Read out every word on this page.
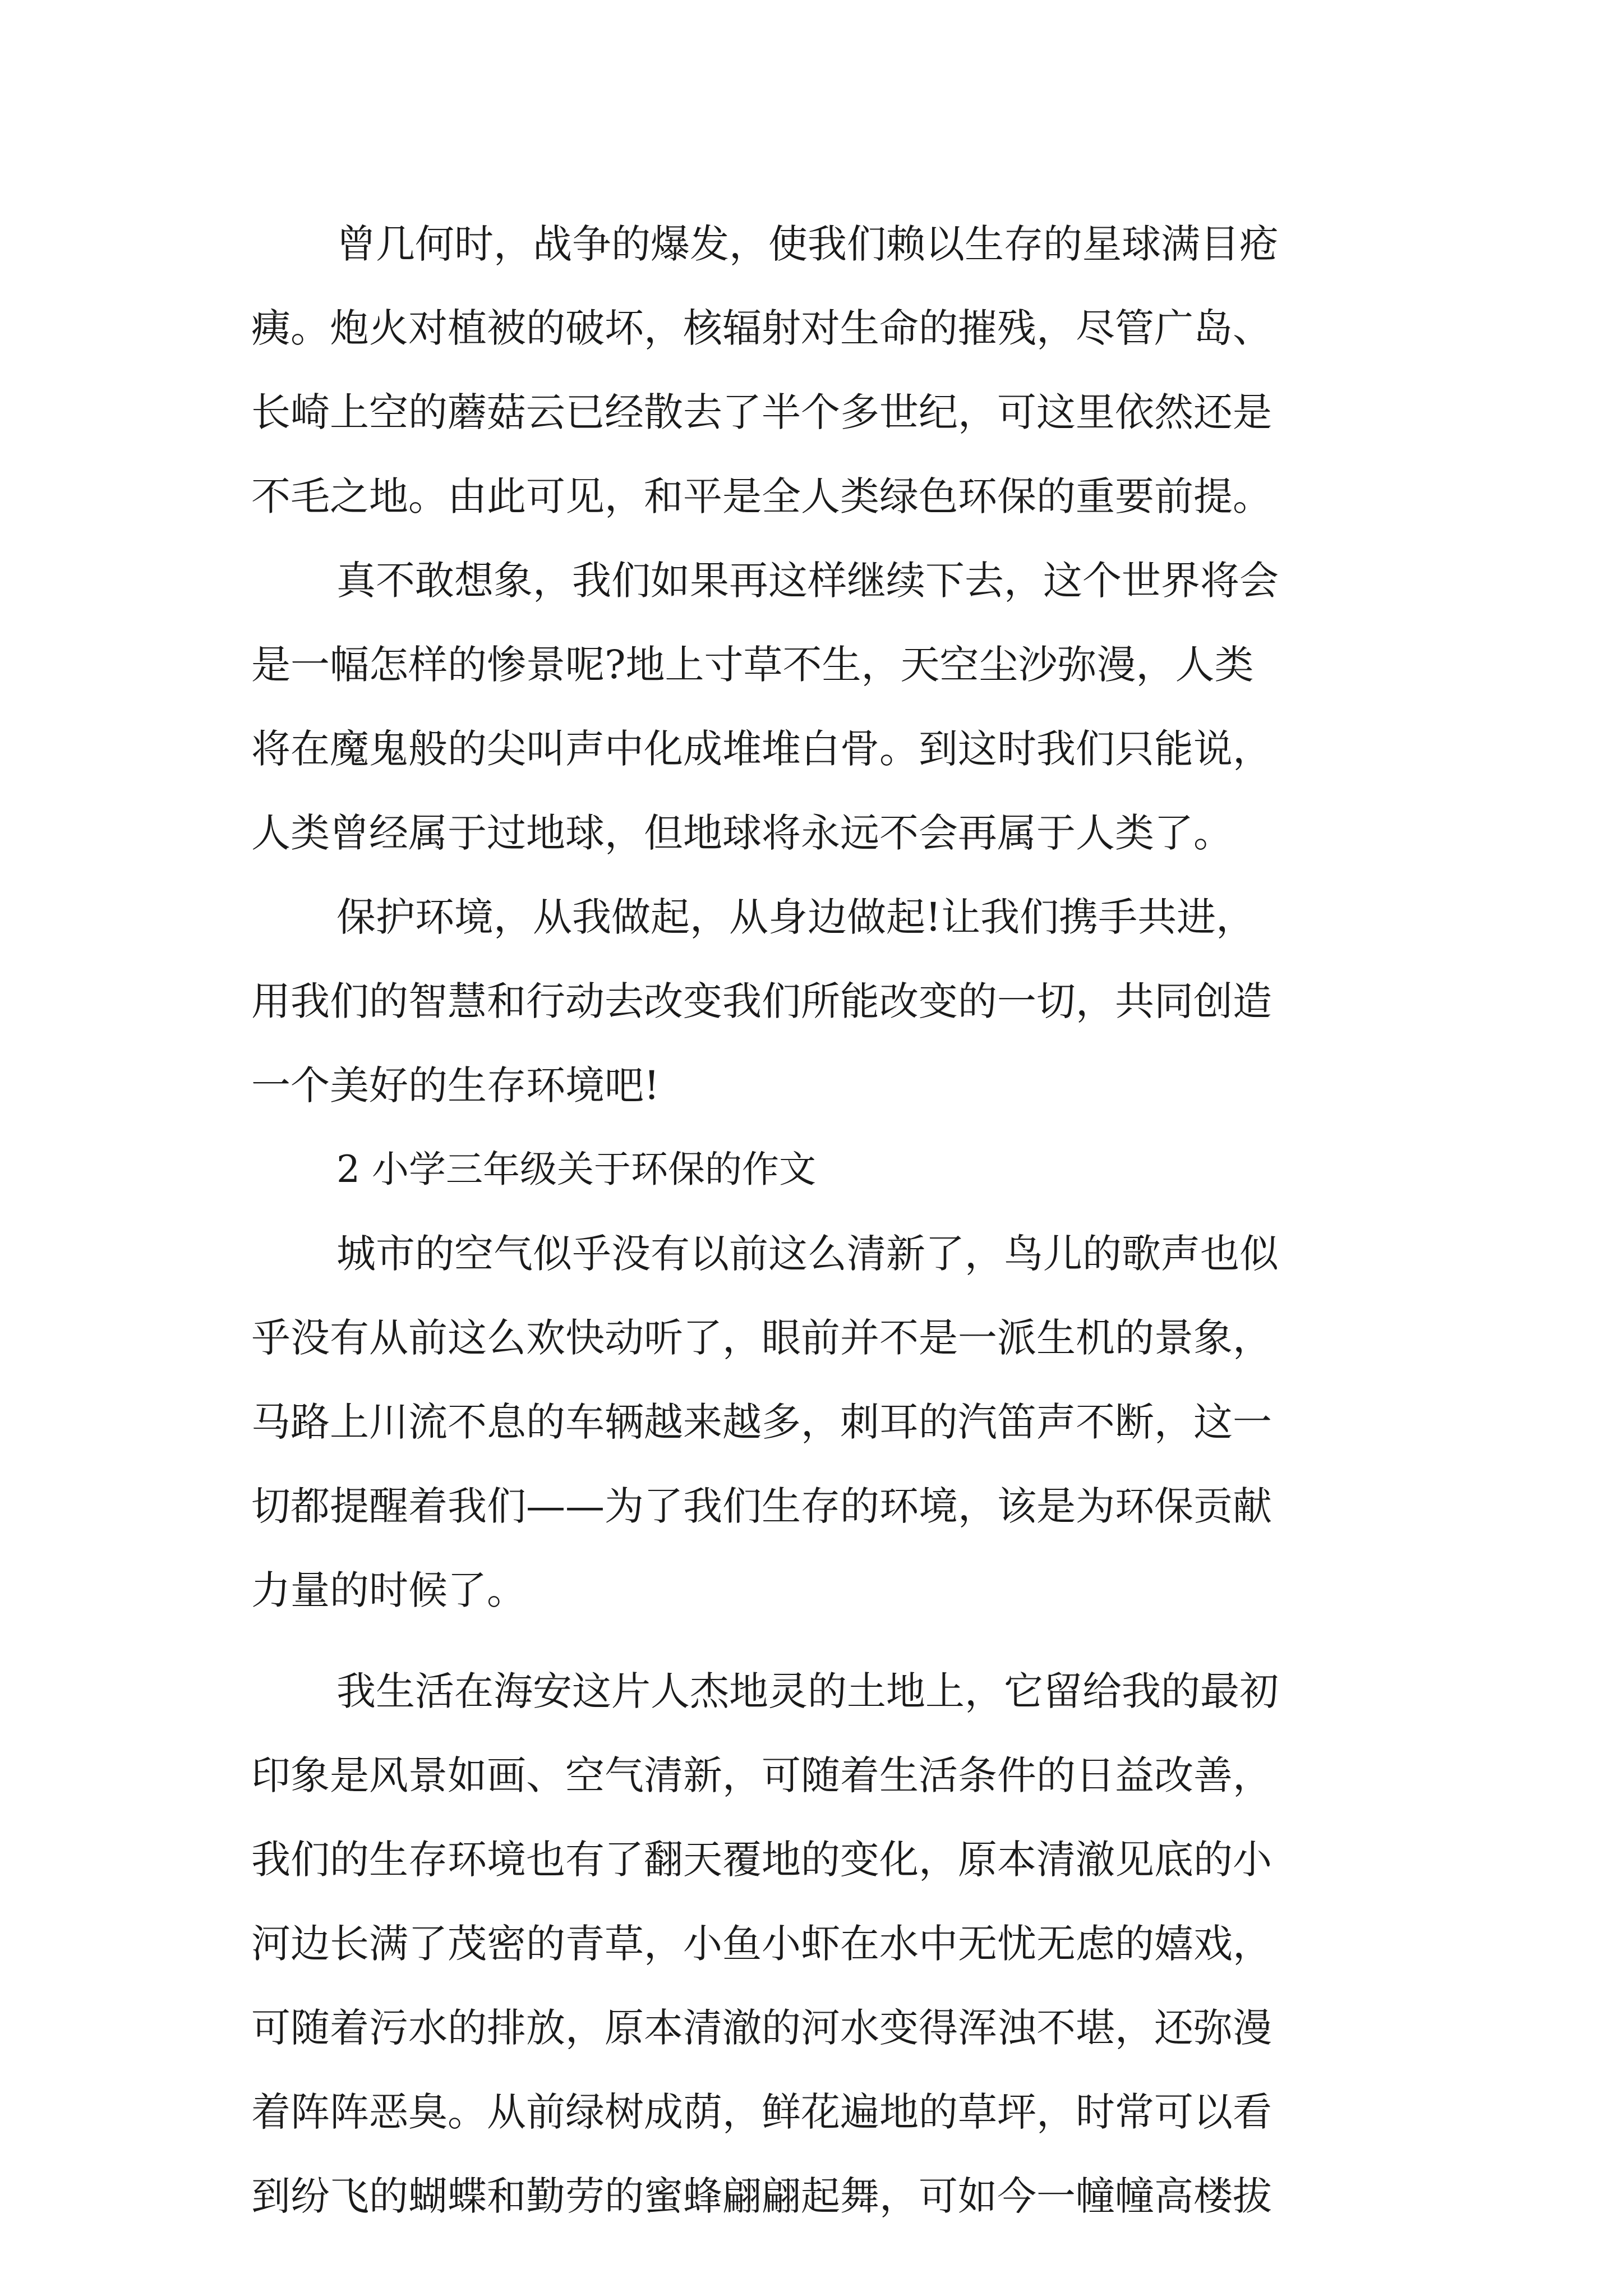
曾几何时，战争的爆发，使我们赖以生存的星球满目疮

痍。炮火对植被的破坏，核辐射对生命的摧残，尽管广岛、

长崎上空的蘑菇云已经散去了半个多世纪，可这里依然还是

不毛之地。由此可见，和平是全人类绿色环保的重要前提。

真不敢想象，我们如果再这样继续下去，这个世界将会

是一幅怎样的惨景呢?地上寸草不生，天空尘沙弥漫，人类

将在魔鬼般的尖叫声中化成堆堆白骨。到这时我们只能说，

人类曾经属于过地球，但地球将永远不会再属于人类了。

保护环境，从我做起，从身边做起!让我们携手共进，

用我们的智慧和行动去改变我们所能改变的一切，共同创造

一个美好的生存环境吧!

2 小学三年级关于环保的作文

城市的空气似乎没有以前这么清新了，鸟儿的歌声也似

乎没有从前这么欢快动听了，眼前并不是一派生机的景象，

马路上川流不息的车辆越来越多，刺耳的汽笛声不断，这一

切都提醒着我们——为了我们生存的环境，该是为环保贡献

力量的时候了。

我生活在海安这片人杰地灵的土地上，它留给我的最初

印象是风景如画、空气清新，可随着生活条件的日益改善，

我们的生存环境也有了翻天覆地的变化，原本清澈见底的小

河边长满了茂密的青草，小鱼小虾在水中无忧无虑的嬉戏，

可随着污水的排放，原本清澈的河水变得浑浊不堪，还弥漫

着阵阵恶臭。从前绿树成荫，鲜花遍地的草坪，时常可以看

到纷飞的蝴蝶和勤劳的蜜蜂翩翩起舞，可如今一幢幢高楼拔
